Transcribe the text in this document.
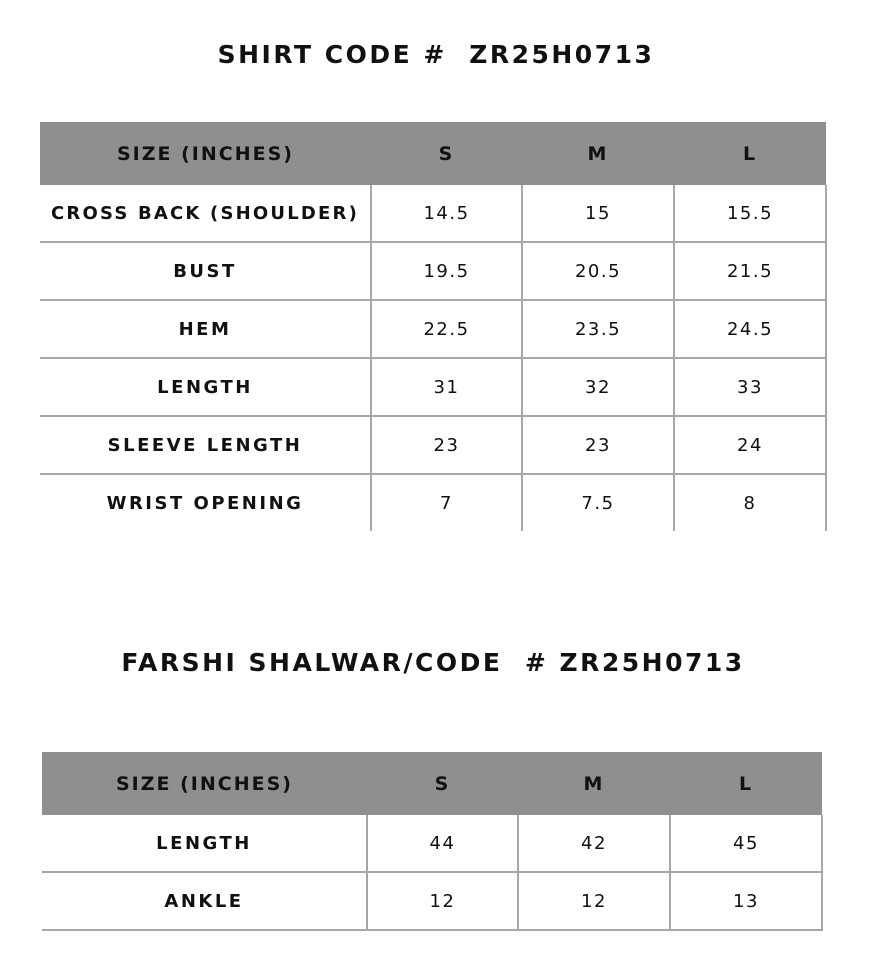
SHIRT CODE #  ZR25H0713
SIZE (INCHES)	S	M	L
CROSS BACK (SHOULDER)	14.5	15	15.5
BUST	19.5	20.5	21.5
HEM	22.5	23.5	24.5
LENGTH	31	32	33
SLEEVE LENGTH	23	23	24
WRIST OPENING	7	7.5	8
FARSHI SHALWAR/CODE  # ZR25H0713
SIZE (INCHES)	S	M	L
LENGTH	44	42	45
ANKLE	12	12	13
